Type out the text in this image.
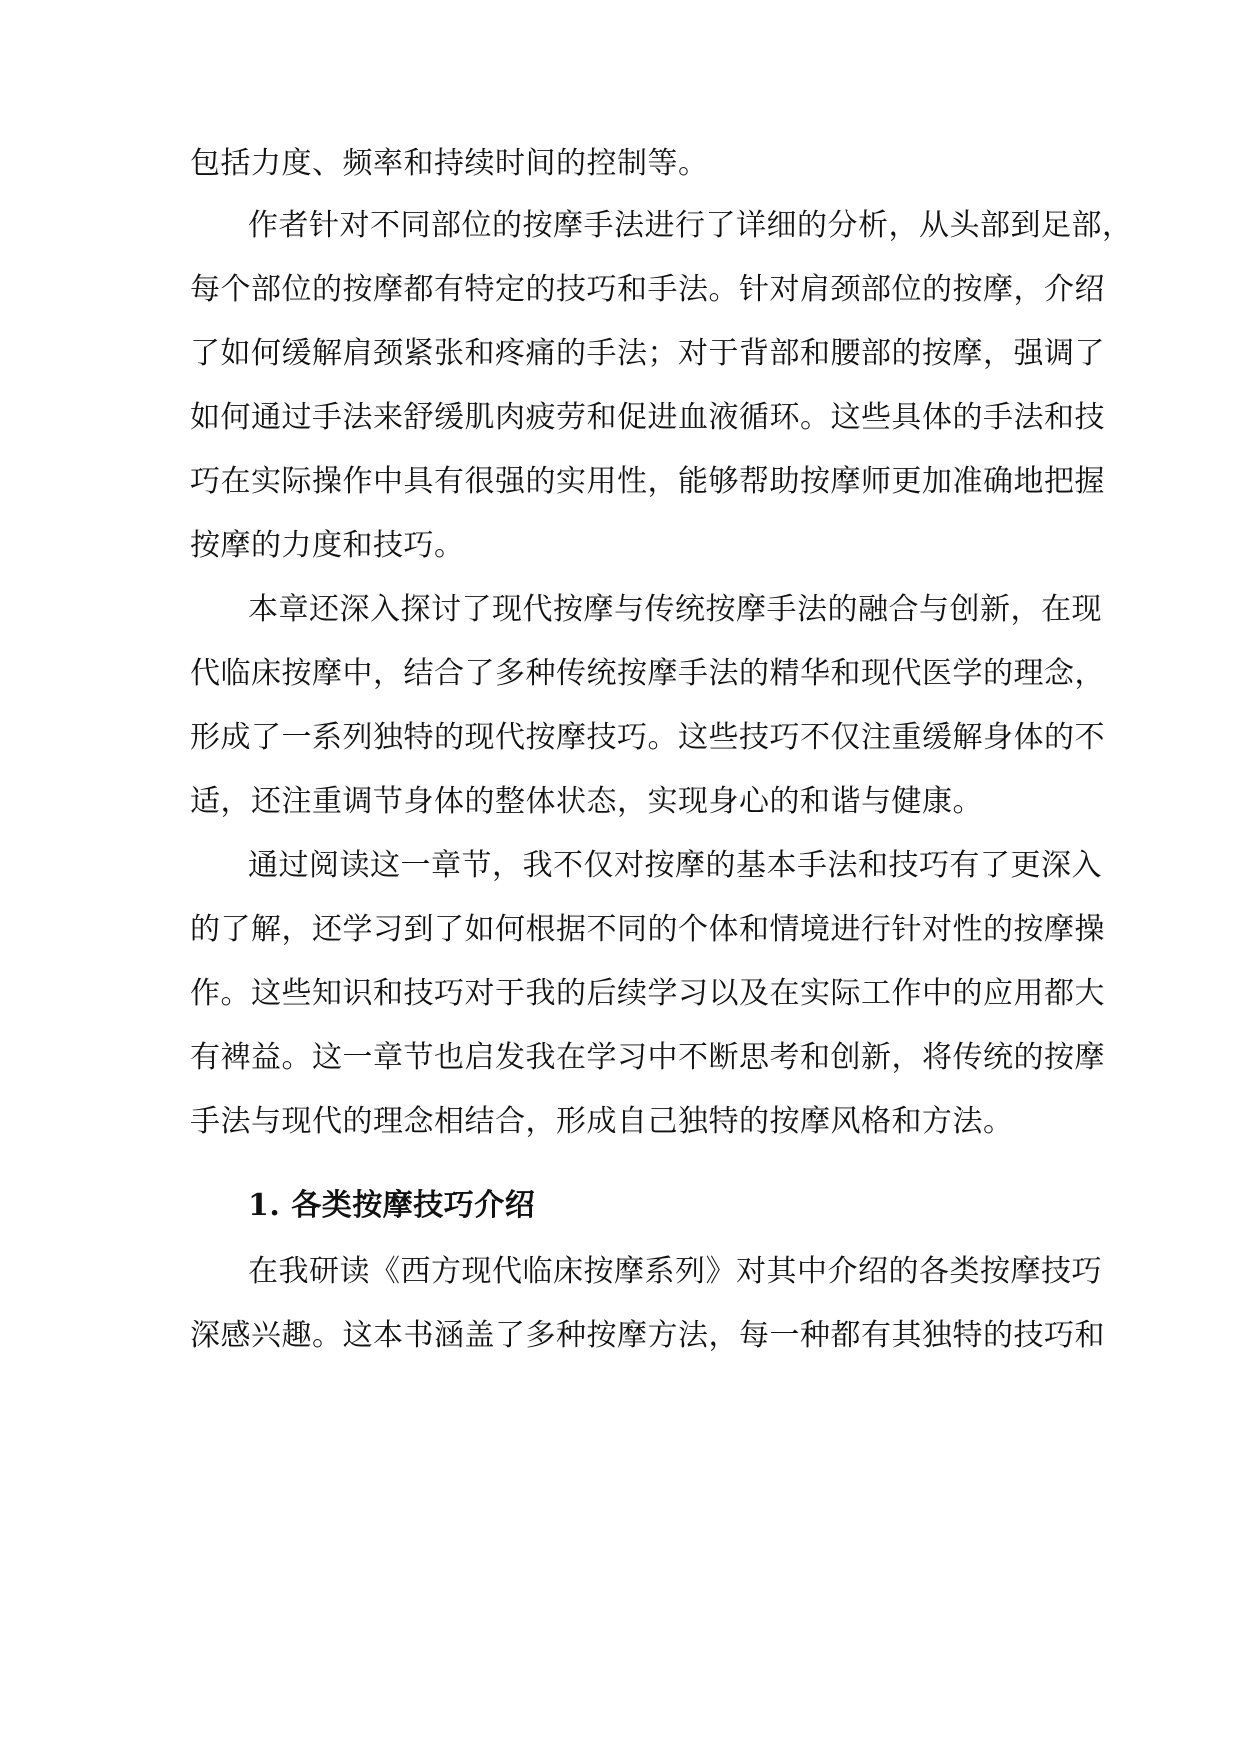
包括力度、频率和持续时间的控制等。
作者针对不同部位的按摩手法进行了详细的分析，从头部到足部，
每个部位的按摩都有特定的技巧和手法。针对肩颈部位的按摩，介绍
了如何缓解肩颈紧张和疼痛的手法；对于背部和腰部的按摩，强调了
如何通过手法来舒缓肌肉疲劳和促进血液循环。这些具体的手法和技
巧在实际操作中具有很强的实用性，能够帮助按摩师更加准确地把握
按摩的力度和技巧。
本章还深入探讨了现代按摩与传统按摩手法的融合与创新，在现
代临床按摩中，结合了多种传统按摩手法的精华和现代医学的理念，
形成了一系列独特的现代按摩技巧。这些技巧不仅注重缓解身体的不
适，还注重调节身体的整体状态，实现身心的和谐与健康。
通过阅读这一章节，我不仅对按摩的基本手法和技巧有了更深入
的了解，还学习到了如何根据不同的个体和情境进行针对性的按摩操
作。这些知识和技巧对于我的后续学习以及在实际工作中的应用都大
有裨益。这一章节也启发我在学习中不断思考和创新，将传统的按摩
手法与现代的理念相结合，形成自己独特的按摩风格和方法。
1. 各类按摩技巧介绍
在我研读《西方现代临床按摩系列》对其中介绍的各类按摩技巧
深感兴趣。这本书涵盖了多种按摩方法，每一种都有其独特的技巧和
